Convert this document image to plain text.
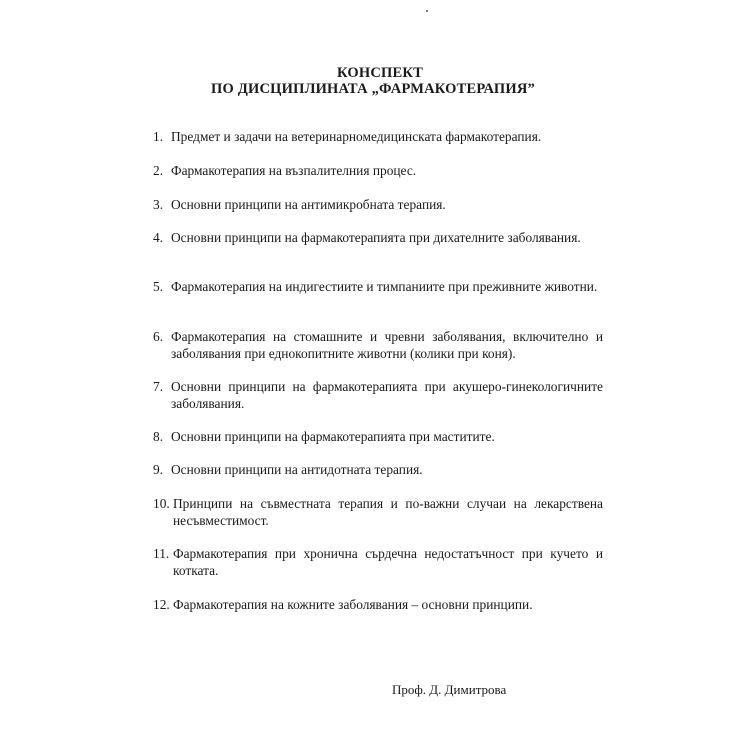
КОНСПЕКТ
ПО ДИСЦИПЛИНАТА „ФАРМАКОТЕРАПИЯ”
1. Предмет и задачи на ветеринарномедицинската фармакотерапия.
2. Фармакотерапия на възпалителния процес.
3. Основни принципи на антимикробната терапия.
4. Основни принципи на фармакотерапията при дихателните заболявания.
5. Фармакотерапия на индигестиите и тимпаниите при преживните животни.
6. Фармакотерапия на стомашните и чревни заболявания, включително и заболявания при еднокопитните животни (колики при коня).
7. Основни принципи на фармакотерапията при акушеро-гинекологичните заболявания.
8. Основни принципи на фармакотерапията при маститите.
9. Основни принципи на антидотната терапия.
10. Принципи на съвместната терапия и по-важни случаи на лекарствена несъвместимост.
11. Фармакотерапия при хронична сърдечна недостатъчност при кучето и котката.
12. Фармакотерапия на кожните заболявания – основни принципи.
Проф. Д. Димитрова
